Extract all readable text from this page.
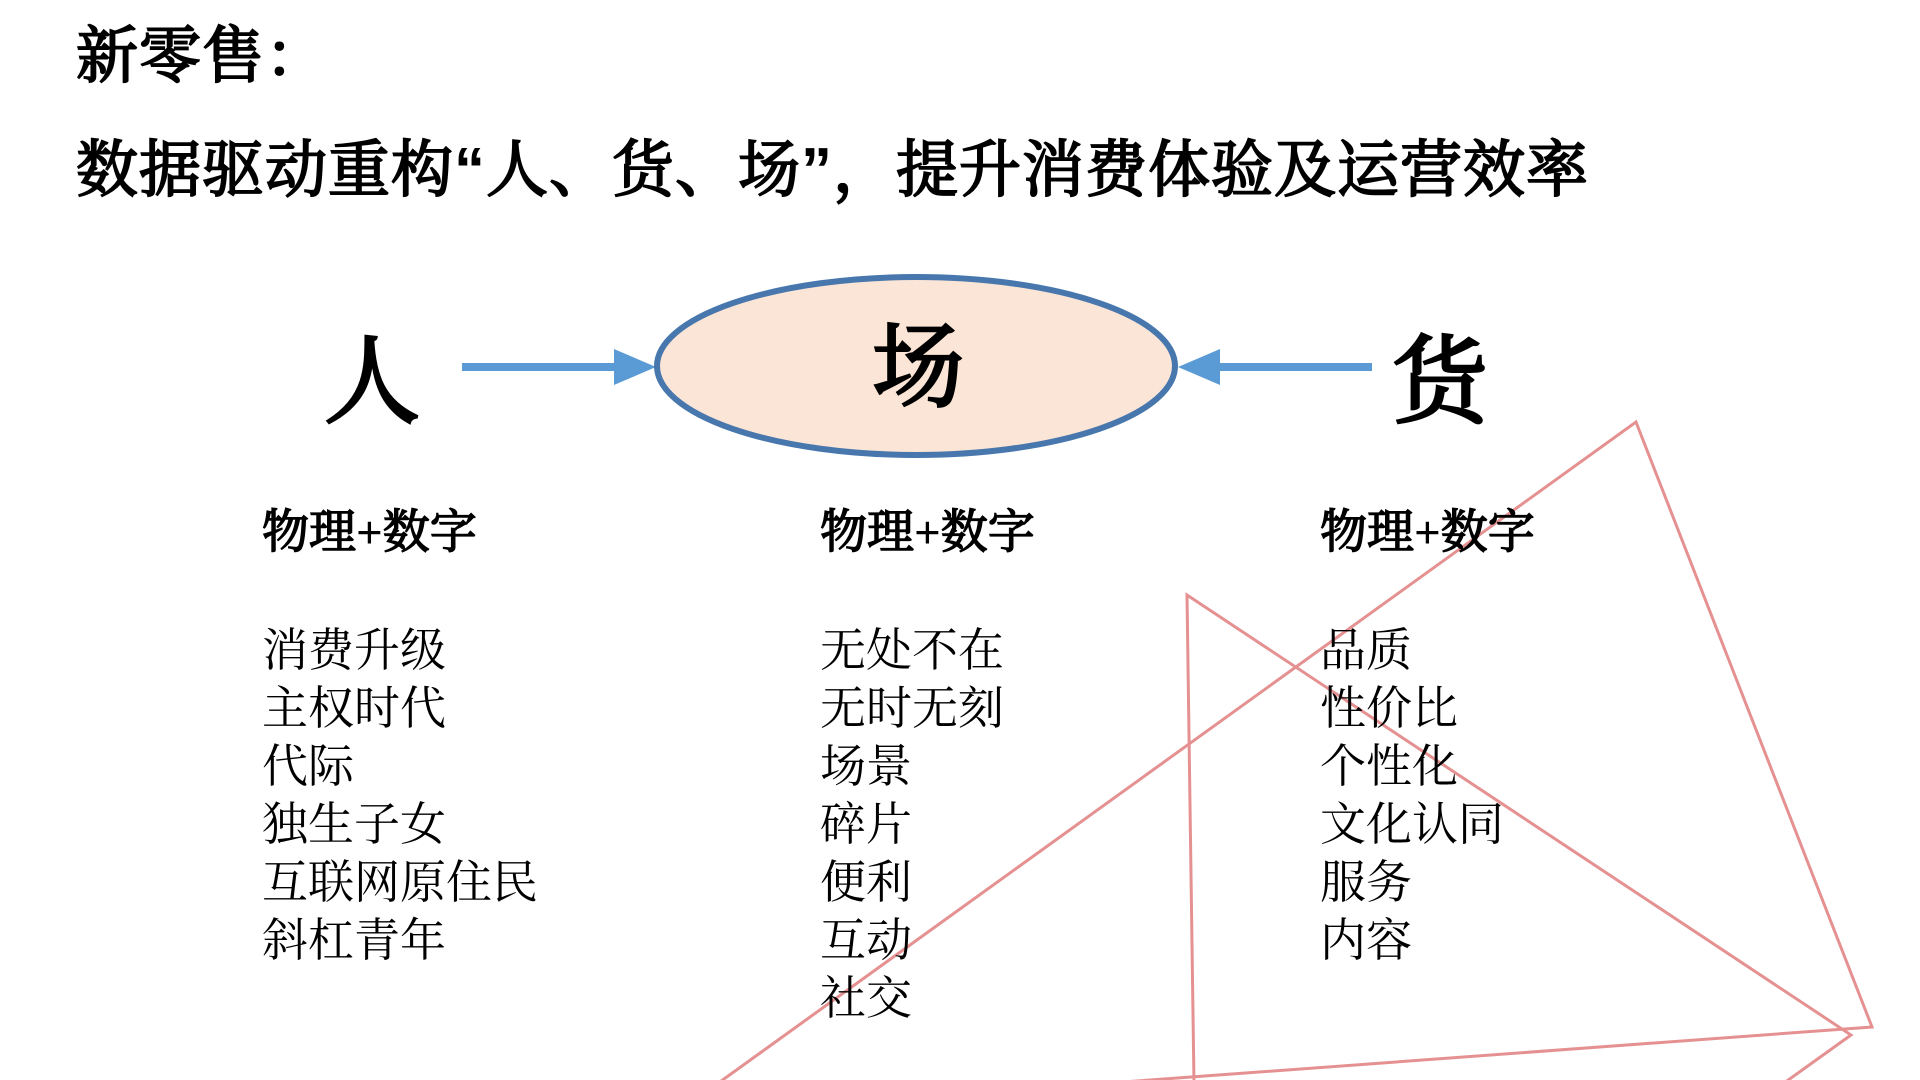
新零售：
数据驱动重构“人、货、场”，提升消费体验及运营效率
人	场	货
物理+数字
消费升级
主权时代
代际
独生子女
互联网原住民
斜杠青年
物理+数字
无处不在
无时无刻
场景
碎片
便利
互动
社交
物理+数字
品质
性价比
个性化
文化认同
服务
内容
